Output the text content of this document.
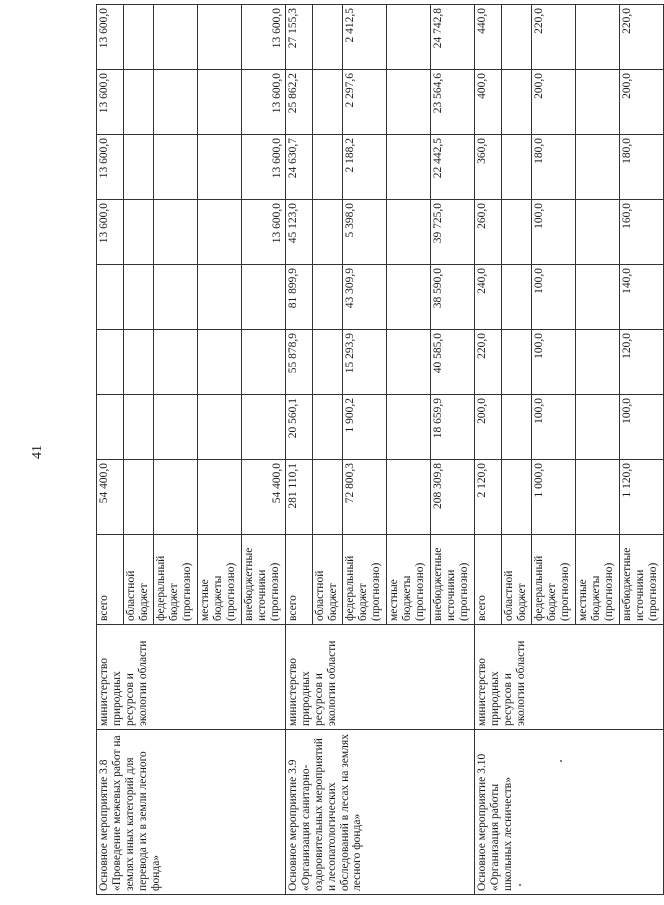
41
Основное мероприятие 3.8 «Проведение межевых работ на землях иных категорий для перевода их в земли лесного фонда»	министерство природных ресурсов и экологии области	всего	54 400,0				13 600,0	13 600,0	13 600,0	13 600,0
		областной бюджет								
		федеральный бюджет (прогнозно)								
		местные бюджеты (прогнозно)								
		внебюджетные источники (прогнозно)	54 400,0				13 600,0	13 600,0	13 600,0	13 600,0
Основное мероприятие 3.9 «Организация санитарно-оздоровительных мероприятий и лесопатологических обследований в лесах на землях лесного фонда»	министерство природных ресурсов и экологии области	всего	281 110,1	20 560,1	55 878,9	81 899,9	45 123,0	24 630,7	25 862,2	27 155,3
		областной бюджет								
		федеральный бюджет (прогнозно)	72 800,3	1 900,2	15 293,9	43 309,9	5 398,0	2 188,2	2 297,6	2 412,5
		местные бюджеты (прогнозно)								
		внебюджетные источники (прогнозно)	208 309,8	18 659,9	40 585,0	38 590,0	39 725,0	22 442,5	23 564,6	24 742,8
Основное мероприятие 3.10 «Организация работы школьных лесничеств»	министерство природных ресурсов и экологии области	всего	2 120,0	200,0	220,0	240,0	260,0	360,0	400,0	440,0
		областной бюджет								
		федеральный бюджет (прогнозно)	1 000,0	100,0	100,0	100,0	100,0	180,0	200,0	220,0
		местные бюджеты (прогнозно)								
		внебюджетные источники (прогнозно)	1 120,0	100,0	120,0	140,0	160,0	180,0	200,0	220,0
